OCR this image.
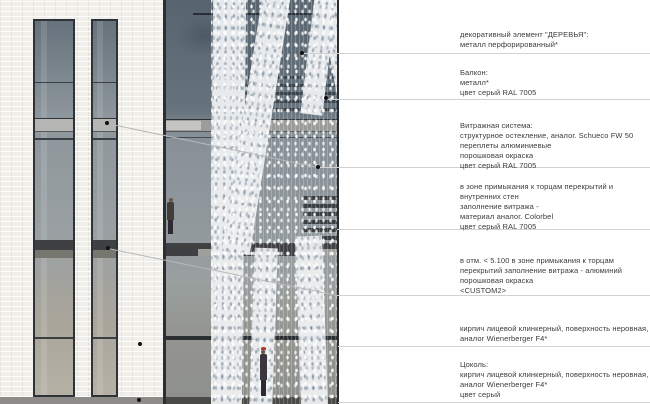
декоративный элемент "ДЕРЕВЬЯ":
металл перфорированный*
Балкон:
металл*
цвет серый RAL 7005
Витражная система:
структурное остекление, аналог. Schueco FW 50
переплеты алюминиевые
порошковая окраска
цвет серый RAL 7005
в зоне примыкания к торцам перекрытий и
внутренних стен
заполнение витража -
материал аналог. Colorbel
цвет серый RAL 7005
в отм. < 5.100 в зоне примыкания к торцам
перекрытий заполнение витража - алюминий
порошковая окраска
<CUSTOM2>
кирпич лицевой клинкерный, поверхность неровная,
аналог Wienerberger F4*
Цоколь:
кирпич лицевой клинкерный, поверхность неровная,
аналог Wienerberger F4*
цвет серый
